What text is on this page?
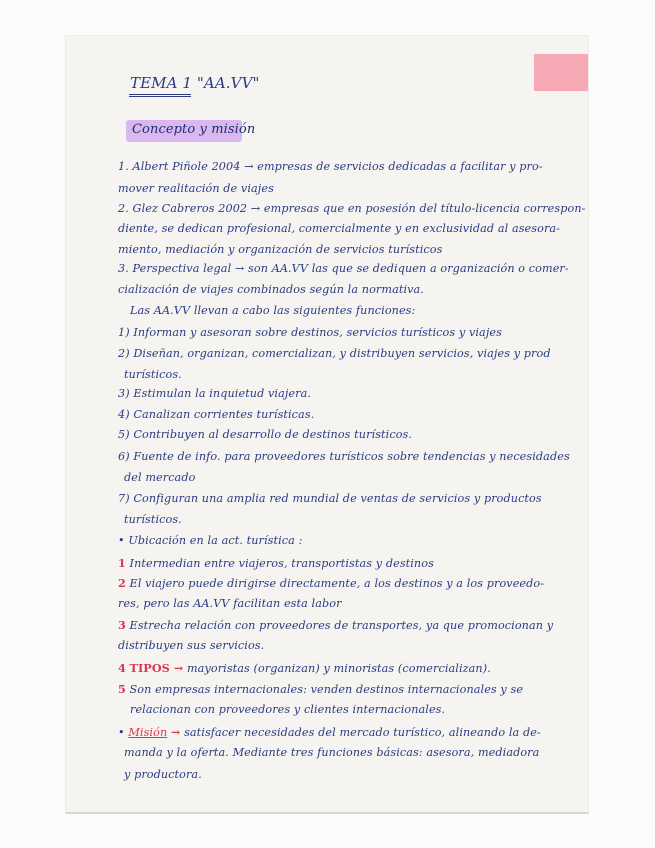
TEMA 1 "AA.VV"
Concepto y misión
1. Albert Piñole 2004 → empresas de servicios dedicadas a facilitar y pro-
mover realitación de viajes
2. Glez Cabreros 2002 → empresas que en posesión del título-licencia correspon-
diente, se dedican profesional, comercialmente y en exclusividad al asesora-
miento, mediación y organización de servicios turísticos
3. Perspectiva legal → son AA.VV las que se dediquen a organización o comer-
cialización de viajes combinados según la normativa.
Las AA.VV llevan a cabo las siguientes funciones:
1) Informan y asesoran sobre destinos, servicios turísticos y viajes
2) Diseñan, organizan, comercializan, y distribuyen servicios, viajes y prod
turísticos.
3) Estimulan la inquietud viajera.
4) Canalizan corrientes turísticas.
5) Contribuyen al desarrollo de destinos turísticos.
6) Fuente de info. para proveedores turísticos sobre tendencias y necesidades
del mercado
7) Configuran una amplia red mundial de ventas de servicios y productos
turísticos.
• Ubicación en la act. turística :
1 Intermedian entre viajeros, transportistas y destinos
2 El viajero puede dirigirse directamente, a los destinos y a los proveedo-
res, pero las AA.VV facilitan esta labor
3 Estrecha relación con proveedores de transportes, ya que promocionan y
distribuyen sus servicios.
4 TIPOS → mayoristas (organizan) y minoristas (comercializan).
5 Son empresas internacionales: venden destinos internacionales y se
relacionan con proveedores y clientes internacionales.
• Misión → satisfacer necesidades del mercado turístico, alineando la de-
manda y la oferta. Mediante tres funciones básicas: asesora, mediadora
y productora.
